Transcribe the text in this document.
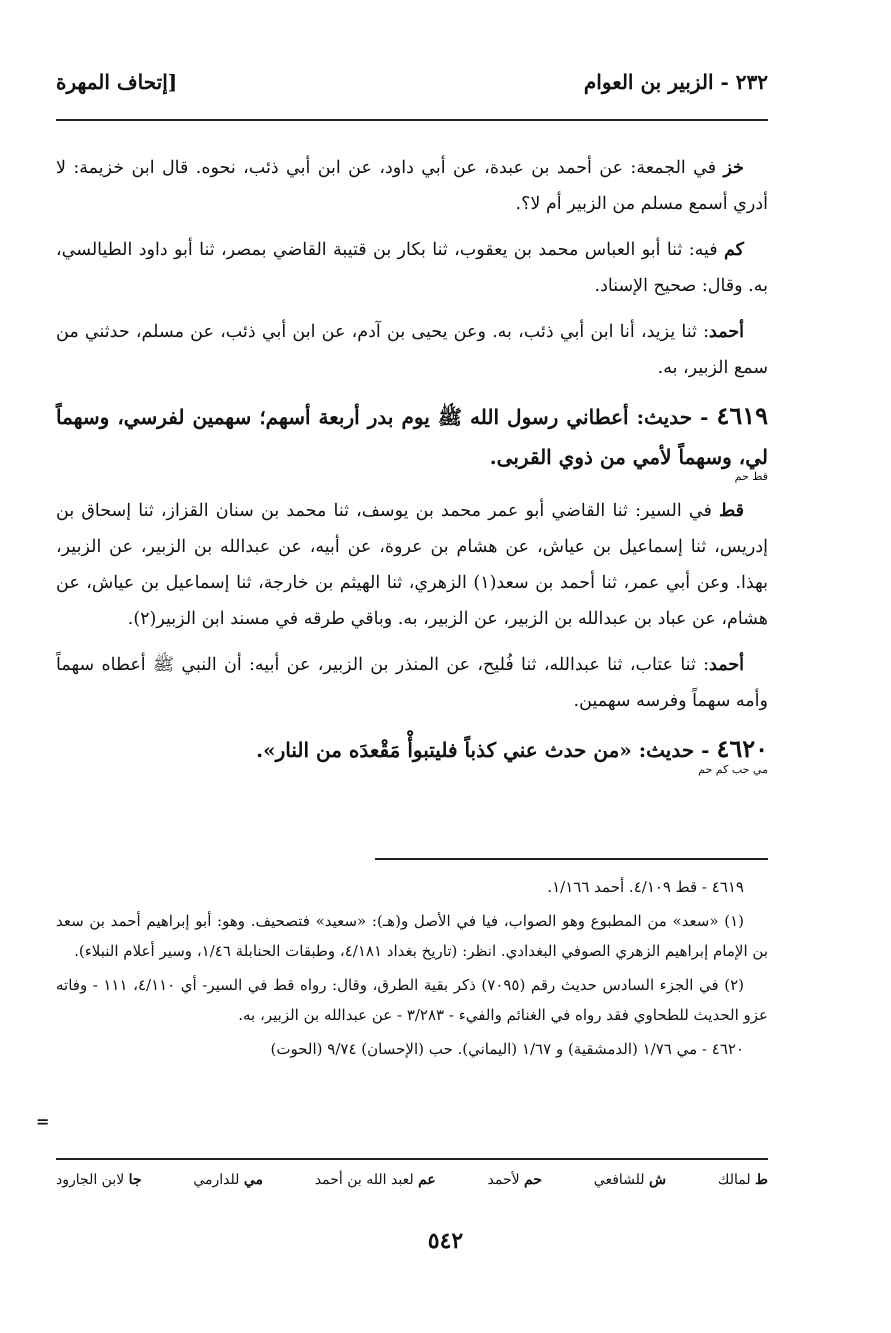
٢٣٢ - الزبير بن العوام
[إتحاف المهرة

خز في الجمعة: عن أحمد بن عبدة، عن أبي داود، عن ابن أبي ذئب، نحوه. قال ابن خزيمة: لا أدري أسمع مسلم من الزبير أم لا؟.

كم فيه: ثنا أبو العباس محمد بن يعقوب، ثنا بكار بن قتيبة القاضي بمصر، ثنا أبو داود الطيالسي، به. وقال: صحيح الإسناد.

أحمد: ثنا يزيد، أنا ابن أبي ذئب، به. وعن يحيى بن آدم، عن ابن أبي ذئب، عن مسلم، حدثني من سمع الزبير، به.

٤٦١٩ - حديث: أعطاني رسول الله ﷺ يوم بدر أربعة أسهم؛ سهمين لفرسي، وسهماً لي، وسهماً لأمي من ذوي القربى.
قط حم

قط في السير: ثنا القاضي أبو عمر محمد بن يوسف، ثنا محمد بن سنان القزاز، ثنا إسحاق بن إدريس، ثنا إسماعيل بن عياش، عن هشام بن عروة، عن أبيه، عن عبدالله بن الزبير، عن الزبير، بهذا. وعن أبي عمر، ثنا أحمد بن سعد(١) الزهري، ثنا الهيثم بن خارجة، ثنا إسماعيل بن عياش، عن هشام، عن عباد بن عبدالله بن الزبير، عن الزبير، به. وباقي طرقه في مسند ابن الزبير(٢).

أحمد: ثنا عتاب، ثنا عبدالله، ثنا فُليح، عن المنذر بن الزبير، عن أبيه: أن النبي ﷺ أعطاه سهماً وأمه سهماً وفرسه سهمين.

٤٦٢٠ - حديث: «من حدث عني كذباً فليتبوأْ مَقْعدَه من النار».
مي حب كم حم

٤٦١٩ - قط ٤/١٠٩. أحمد ١/١٦٦.

(١) «سعد» من المطبوع وهو الصواب، فيا في الأصل و(هـ): «سعيد» فتصحيف. وهو: أبو إبراهيم أحمد بن سعد بن الإمام إبراهيم الزهري الصوفي البغدادي. انظر: (تاريخ بغداد ٤/١٨١، وطبقات الحنابلة ١/٤٦، وسير أعلام النبلاء).

(٢) في الجزء السادس حديث رقم (٧٠٩٥) ذكر بقية الطرق، وقال: رواه قط في السير- أي ٤/١١٠، ١١١ - وفاته عزو الحديث للطحاوي فقد رواه في الغنائم والفيء - ٣/٢٨٣ - عن عبدالله بن الزبير، به.

٤٦٢٠ - مي ١/٧٦ (الدمشقية) و ١/٦٧ (اليماني). حب (الإحسان) ٩/٧٤ (الحوت)

=
ط لمالك
ش للشافعي
حم لأحمد
عم لعبد الله بن أحمد
مي للدارمي
جا لابن الجارود
٥٤٢
